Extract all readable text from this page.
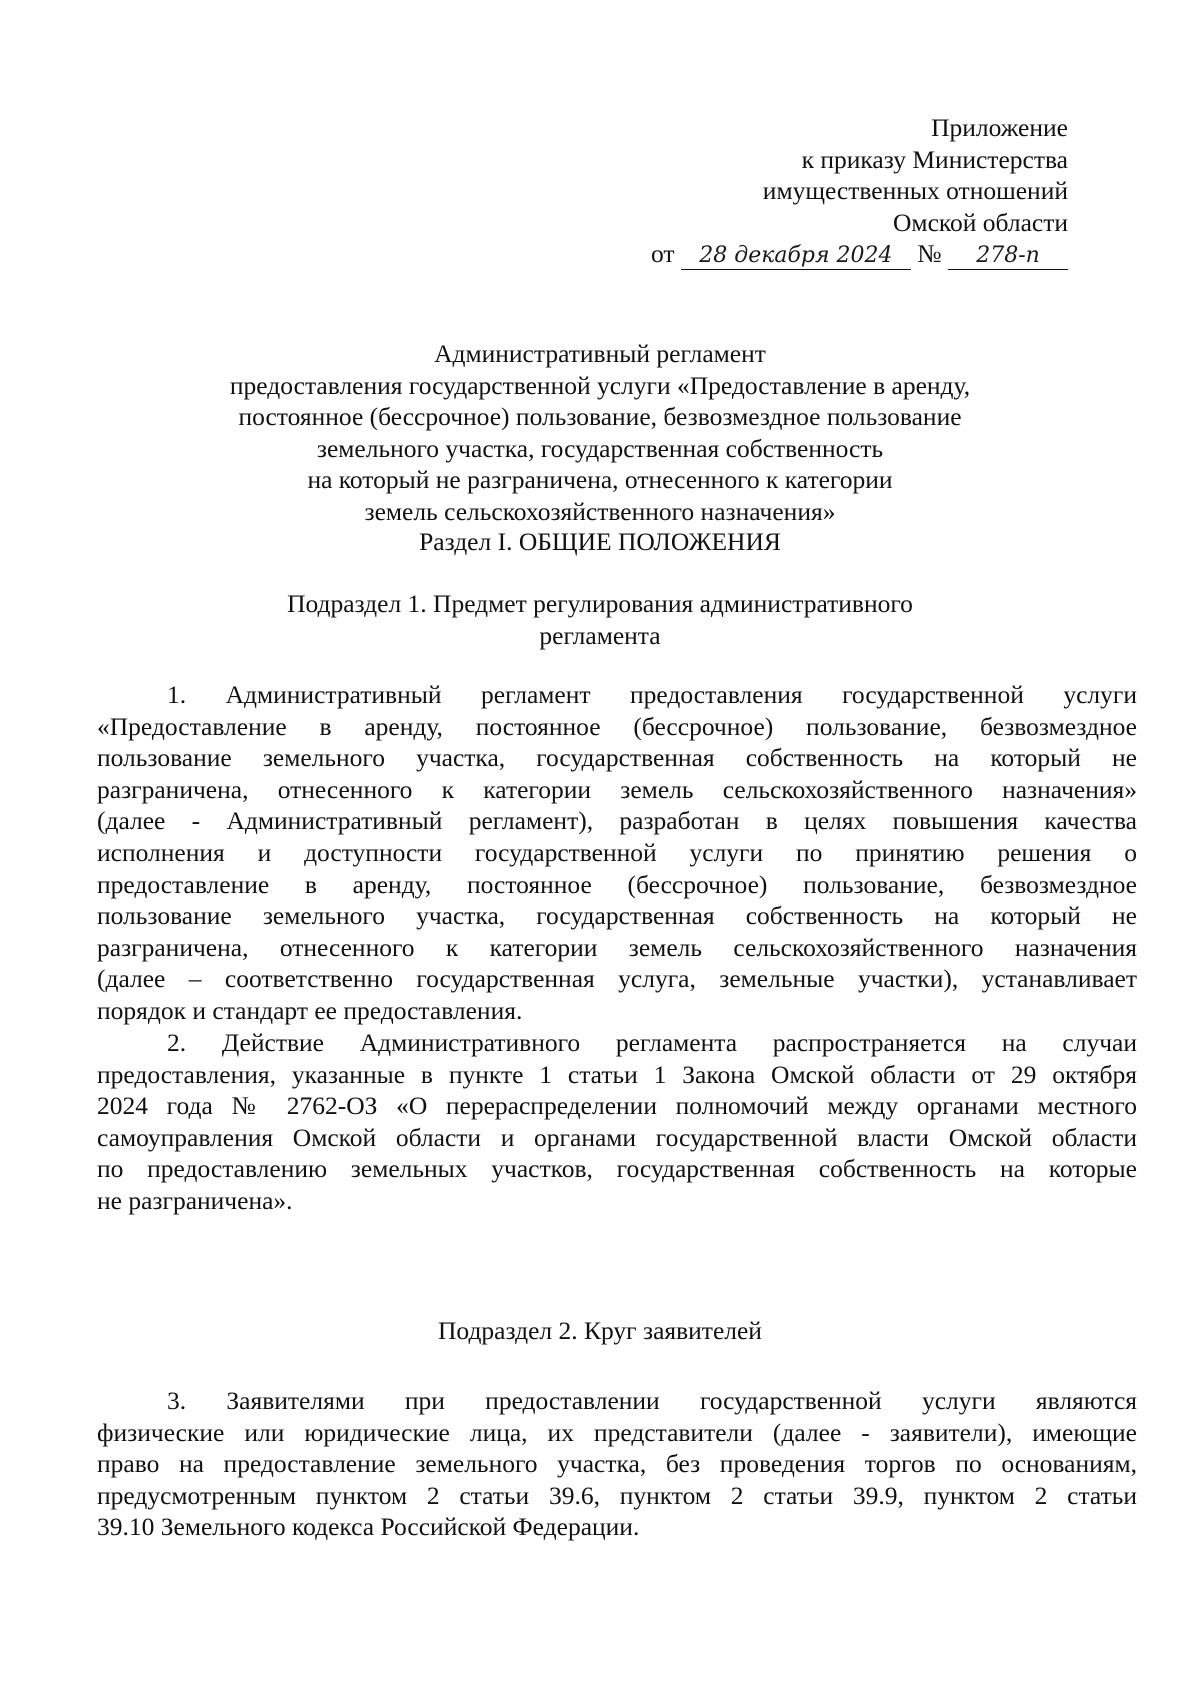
Приложение
к приказу Министерства
имущественных отношений
Омской области
от 28 декабря 2024 № 278-п
Административный регламент
предоставления государственной услуги «Предоставление в аренду,
постоянное (бессрочное) пользование, безвозмездное пользование
земельного участка, государственная собственность
на который не разграничена, отнесенного к категории
земель сельскохозяйственного назначения»
Раздел I. ОБЩИЕ ПОЛОЖЕНИЯ
Подраздел 1. Предмет регулирования административного
регламента
1. Административный регламент предоставления государственной услуги
«Предоставление в аренду, постоянное (бессрочное) пользование, безвозмездное
пользование земельного участка, государственная собственность на который не
разграничена, отнесенного к категории земель сельскохозяйственного назначения»
(далее - Административный регламент), разработан в целях повышения качества
исполнения и доступности государственной услуги по принятию решения о
предоставление в аренду, постоянное (бессрочное) пользование, безвозмездное
пользование земельного участка, государственная собственность на который не
разграничена, отнесенного к категории земель сельскохозяйственного назначения
(далее – соответственно государственная услуга, земельные участки), устанавливает
порядок и стандарт ее предоставления.
2. Действие Административного регламента распространяется на случаи
предоставления, указанные в пункте 1 статьи 1 Закона Омской области от 29 октября
2024 года № 2762-ОЗ «О перераспределении полномочий между органами местного
самоуправления Омской области и органами государственной власти Омской области
по предоставлению земельных участков, государственная собственность на которые
не разграничена».
Подраздел 2. Круг заявителей
3. Заявителями при предоставлении государственной услуги являются
физические или юридические лица, их представители (далее - заявители), имеющие
право на предоставление земельного участка, без проведения торгов по основаниям,
предусмотренным пунктом 2 статьи 39.6, пунктом 2 статьи 39.9, пунктом 2 статьи
39.10 Земельного кодекса Российской Федерации.
